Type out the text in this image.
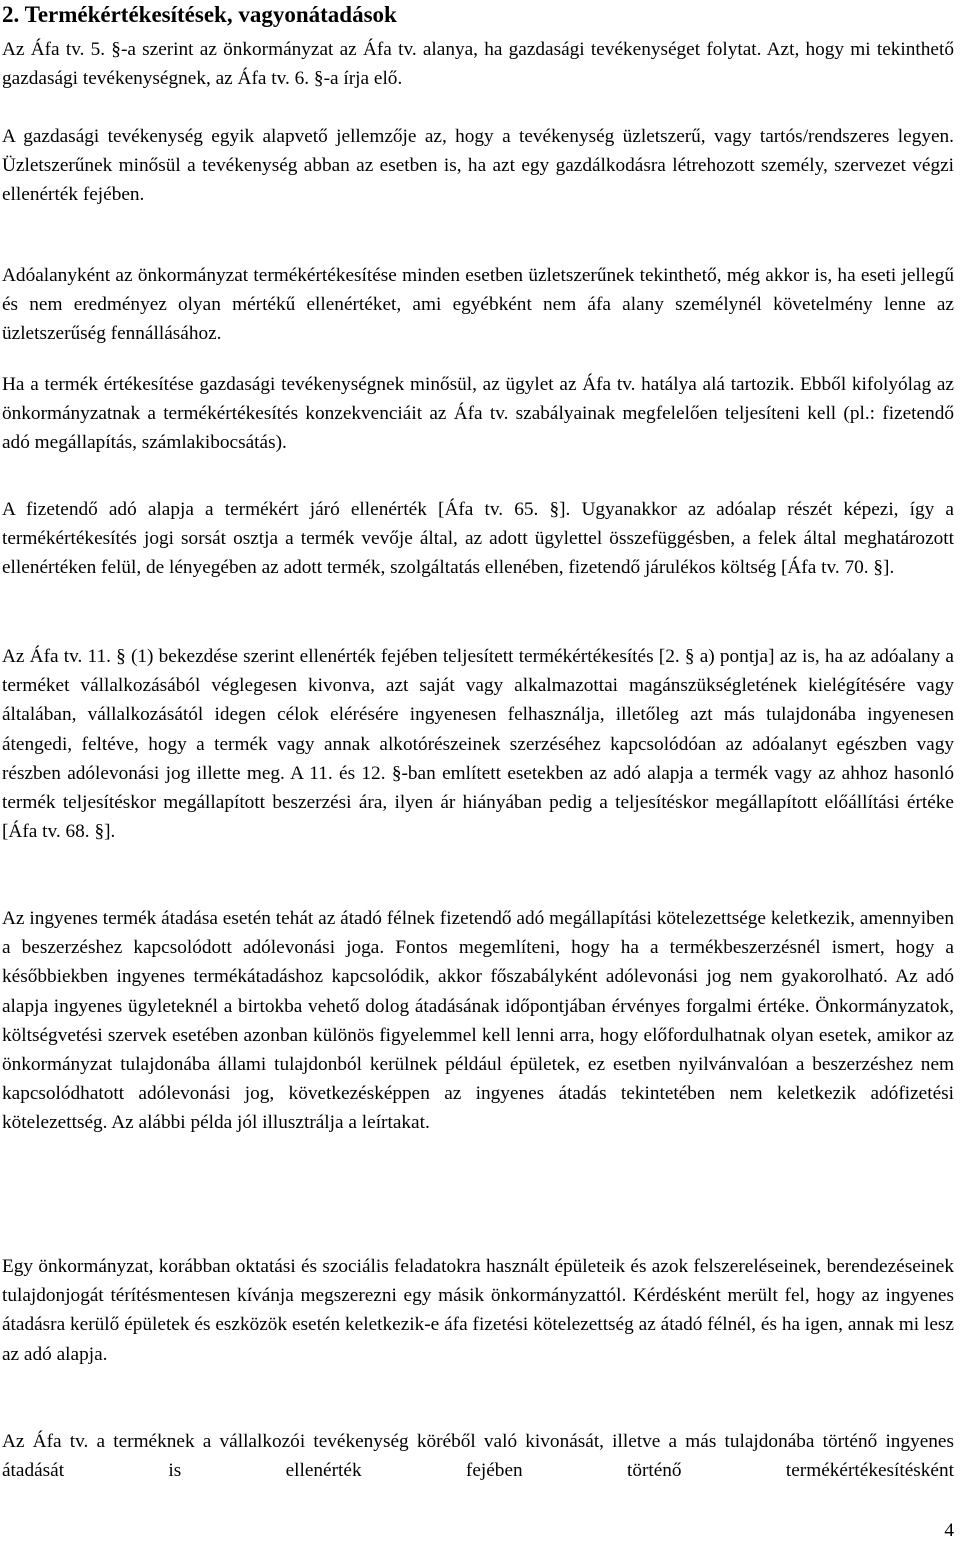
2. Termékértékesítések, vagyonátadások

Az Áfa tv. 5. §-a szerint az önkormányzat az Áfa tv. alanya, ha gazdasági tevékenységet folytat. Azt, hogy mi tekinthető gazdasági tevékenységnek, az Áfa tv. 6. §-a írja elő.

A gazdasági tevékenység egyik alapvető jellemzője az, hogy a tevékenység üzletszerű, vagy tartós/rendszeres legyen. Üzletszerűnek minősül a tevékenység abban az esetben is, ha azt egy gazdálkodásra létrehozott személy, szervezet végzi ellenérték fejében.

Adóalanyként az önkormányzat termékértékesítése minden esetben üzletszerűnek tekinthető, még akkor is, ha eseti jellegű és nem eredményez olyan mértékű ellenértéket, ami egyébként nem áfa alany személynél követelmény lenne az üzletszerűség fennállásához.

Ha a termék értékesítése gazdasági tevékenységnek minősül, az ügylet az Áfa tv. hatálya alá tartozik. Ebből kifolyólag az önkormányzatnak a termékértékesítés konzekvenciáit az Áfa tv. szabályainak megfelelően teljesíteni kell (pl.: fizetendő adó megállapítás, számlakibocsátás).

A fizetendő adó alapja a termékért járó ellenérték [Áfa tv. 65. §]. Ugyanakkor az adóalap részét képezi, így a termékértékesítés jogi sorsát osztja a termék vevője által, az adott ügylettel összefüggésben, a felek által meghatározott ellenértéken felül, de lényegében az adott termék, szolgáltatás ellenében, fizetendő járulékos költség [Áfa tv. 70. §].

Az Áfa tv. 11. § (1) bekezdése szerint ellenérték fejében teljesített termékértékesítés [2. § a) pontja] az is, ha az adóalany a terméket vállalkozásából véglegesen kivonva, azt saját vagy alkalmazottai magánszükségletének kielégítésére vagy általában, vállalkozásától idegen célok elérésére ingyenesen felhasználja, illetőleg azt más tulajdonába ingyenesen átengedi, feltéve, hogy a termék vagy annak alkotórészeinek szerzéséhez kapcsolódóan az adóalanyt egészben vagy részben adólevonási jog illette meg. A 11. és 12. §-ban említett esetekben az adó alapja a termék vagy az ahhoz hasonló termék teljesítéskor megállapított beszerzési ára, ilyen ár hiányában pedig a teljesítéskor megállapított előállítási értéke [Áfa tv. 68. §].

Az ingyenes termék átadása esetén tehát az átadó félnek fizetendő adó megállapítási kötelezettsége keletkezik, amennyiben a beszerzéshez kapcsolódott adólevonási joga. Fontos megemlíteni, hogy ha a termékbeszerzésnél ismert, hogy a későbbiekben ingyenes termékátadáshoz kapcsolódik, akkor főszabályként adólevonási jog nem gyakorolható. Az adó alapja ingyenes ügyleteknél a birtokba vehető dolog átadásának időpontjában érvényes forgalmi értéke. Önkormányzatok, költségvetési szervek esetében azonban különös figyelemmel kell lenni arra, hogy előfordulhatnak olyan esetek, amikor az önkormányzat tulajdonába állami tulajdonból kerülnek például épületek, ez esetben nyilvánvalóan a beszerzéshez nem kapcsolódhatott adólevonási jog, következésképpen az ingyenes átadás tekintetében nem keletkezik adófizetési kötelezettség. Az alábbi példa jól illusztrálja a leírtakat.

Egy önkormányzat, korábban oktatási és szociális feladatokra használt épületeik és azok felszereléseinek, berendezéseinek tulajdonjogát térítésmentesen kívánja megszerezni egy másik önkormányzattól. Kérdésként merült fel, hogy az ingyenes átadásra kerülő épületek és eszközök esetén keletkezik-e áfa fizetési kötelezettség az átadó félnél, és ha igen, annak mi lesz az adó alapja.

Az Áfa tv. a terméknek a vállalkozói tevékenység köréből való kivonását, illetve a más tulajdonába történő ingyenes átadását is ellenérték fejében történő termékértékesítésként

4
